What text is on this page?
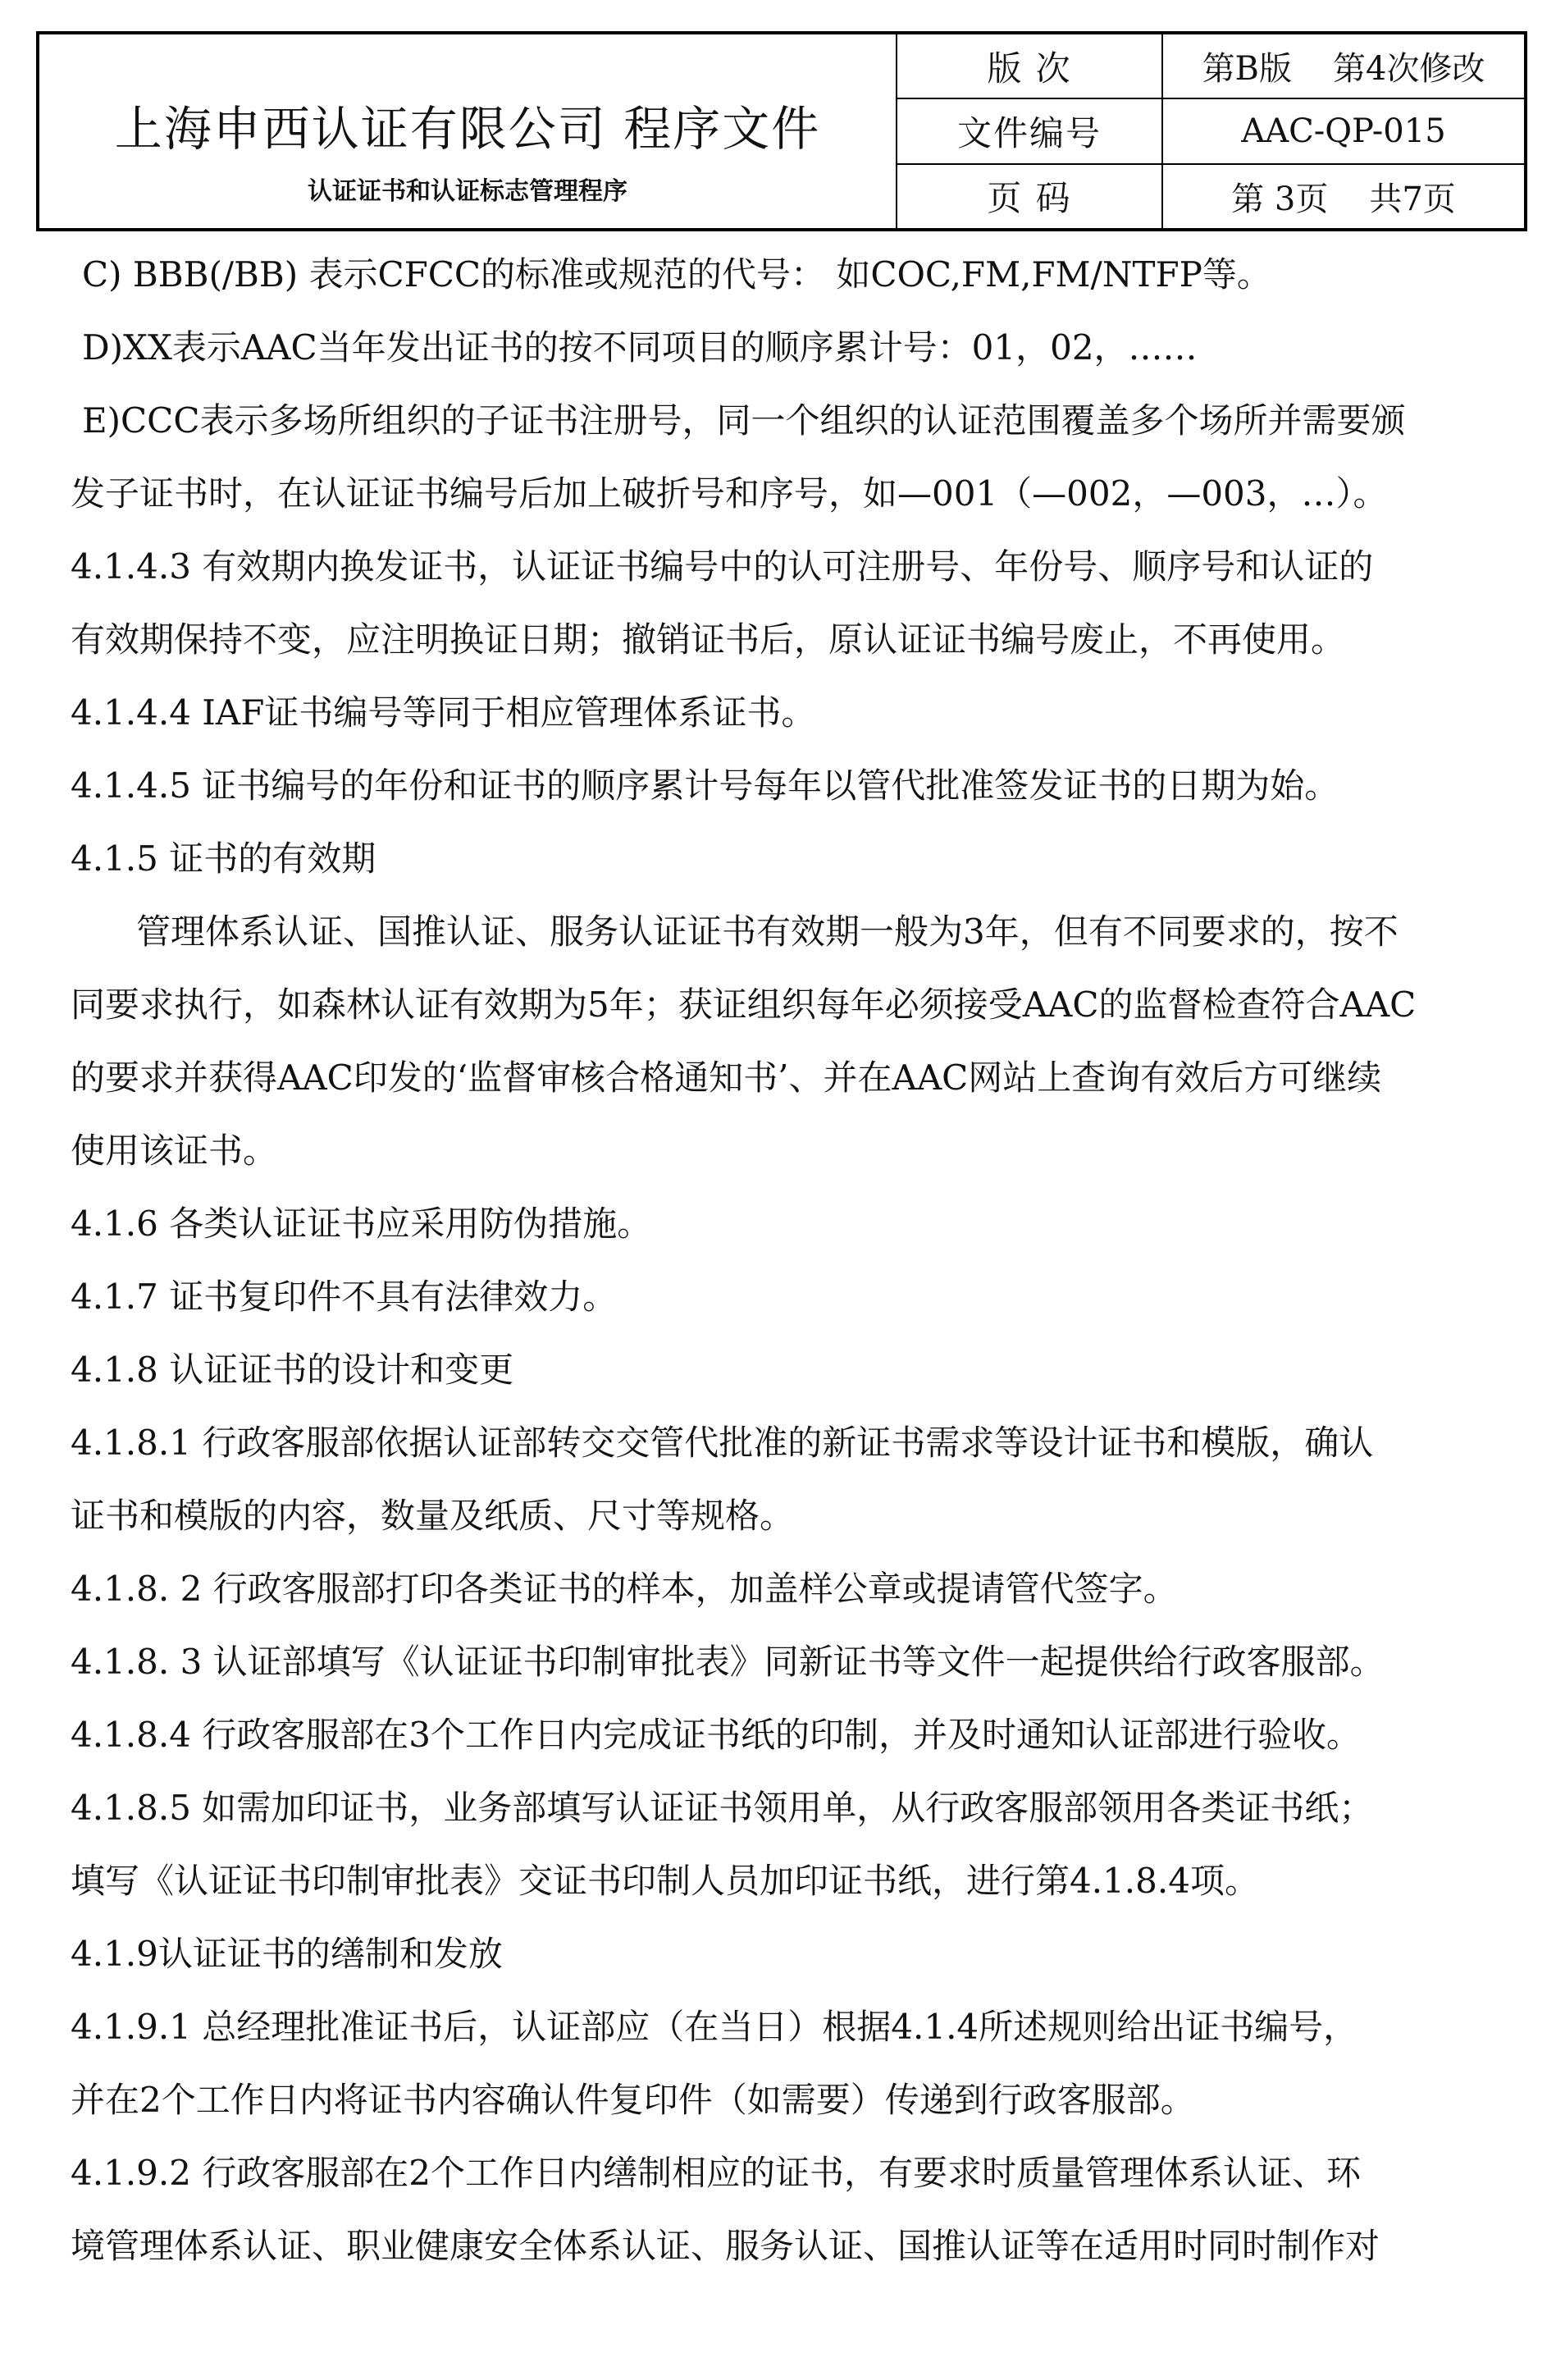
上海申西认证有限公司 程序文件
认证证书和认证标志管理程序
版 次	第B版 第4次修改
文件编号	AAC-QP-015
页 码	第 3页 共7页
C) BBB(/BB) 表示CFCC的标准或规范的代号： 如COC,FM,FM/NTFP等。
D)XX表示AAC当年发出证书的按不同项目的顺序累计号：01，02，……
E)CCC表示多场所组织的子证书注册号，同一个组织的认证范围覆盖多个场所并需要颁
发子证书时，在认证证书编号后加上破折号和序号，如—001（—002，—003，…）。
4.1.4.3 有效期内换发证书，认证证书编号中的认可注册号、年份号、顺序号和认证的
有效期保持不变，应注明换证日期；撤销证书后，原认证证书编号废止，不再使用。
4.1.4.4 IAF证书编号等同于相应管理体系证书。
4.1.4.5 证书编号的年份和证书的顺序累计号每年以管代批准签发证书的日期为始。
4.1.5 证书的有效期
管理体系认证、国推认证、服务认证证书有效期一般为3年，但有不同要求的，按不
同要求执行，如森林认证有效期为5年；获证组织每年必须接受AAC的监督检查符合AAC
的要求并获得AAC印发的‘监督审核合格通知书’、并在AAC网站上查询有效后方可继续
使用该证书。
4.1.6 各类认证证书应采用防伪措施。
4.1.7 证书复印件不具有法律效力。
4.1.8 认证证书的设计和变更
4.1.8.1 行政客服部依据认证部转交交管代批准的新证书需求等设计证书和模版，确认
证书和模版的内容，数量及纸质、尺寸等规格。
4.1.8. 2 行政客服部打印各类证书的样本，加盖样公章或提请管代签字。
4.1.8. 3 认证部填写《认证证书印制审批表》同新证书等文件一起提供给行政客服部。
4.1.8.4 行政客服部在3个工作日内完成证书纸的印制，并及时通知认证部进行验收。
4.1.8.5 如需加印证书，业务部填写认证证书领用单，从行政客服部领用各类证书纸；
填写《认证证书印制审批表》交证书印制人员加印证书纸，进行第4.1.8.4项。
4.1.9认证证书的缮制和发放
4.1.9.1 总经理批准证书后，认证部应（在当日）根据4.1.4所述规则给出证书编号，
并在2个工作日内将证书内容确认件复印件（如需要）传递到行政客服部。
4.1.9.2 行政客服部在2个工作日内缮制相应的证书，有要求时质量管理体系认证、环
境管理体系认证、职业健康安全体系认证、服务认证、国推认证等在适用时同时制作对
